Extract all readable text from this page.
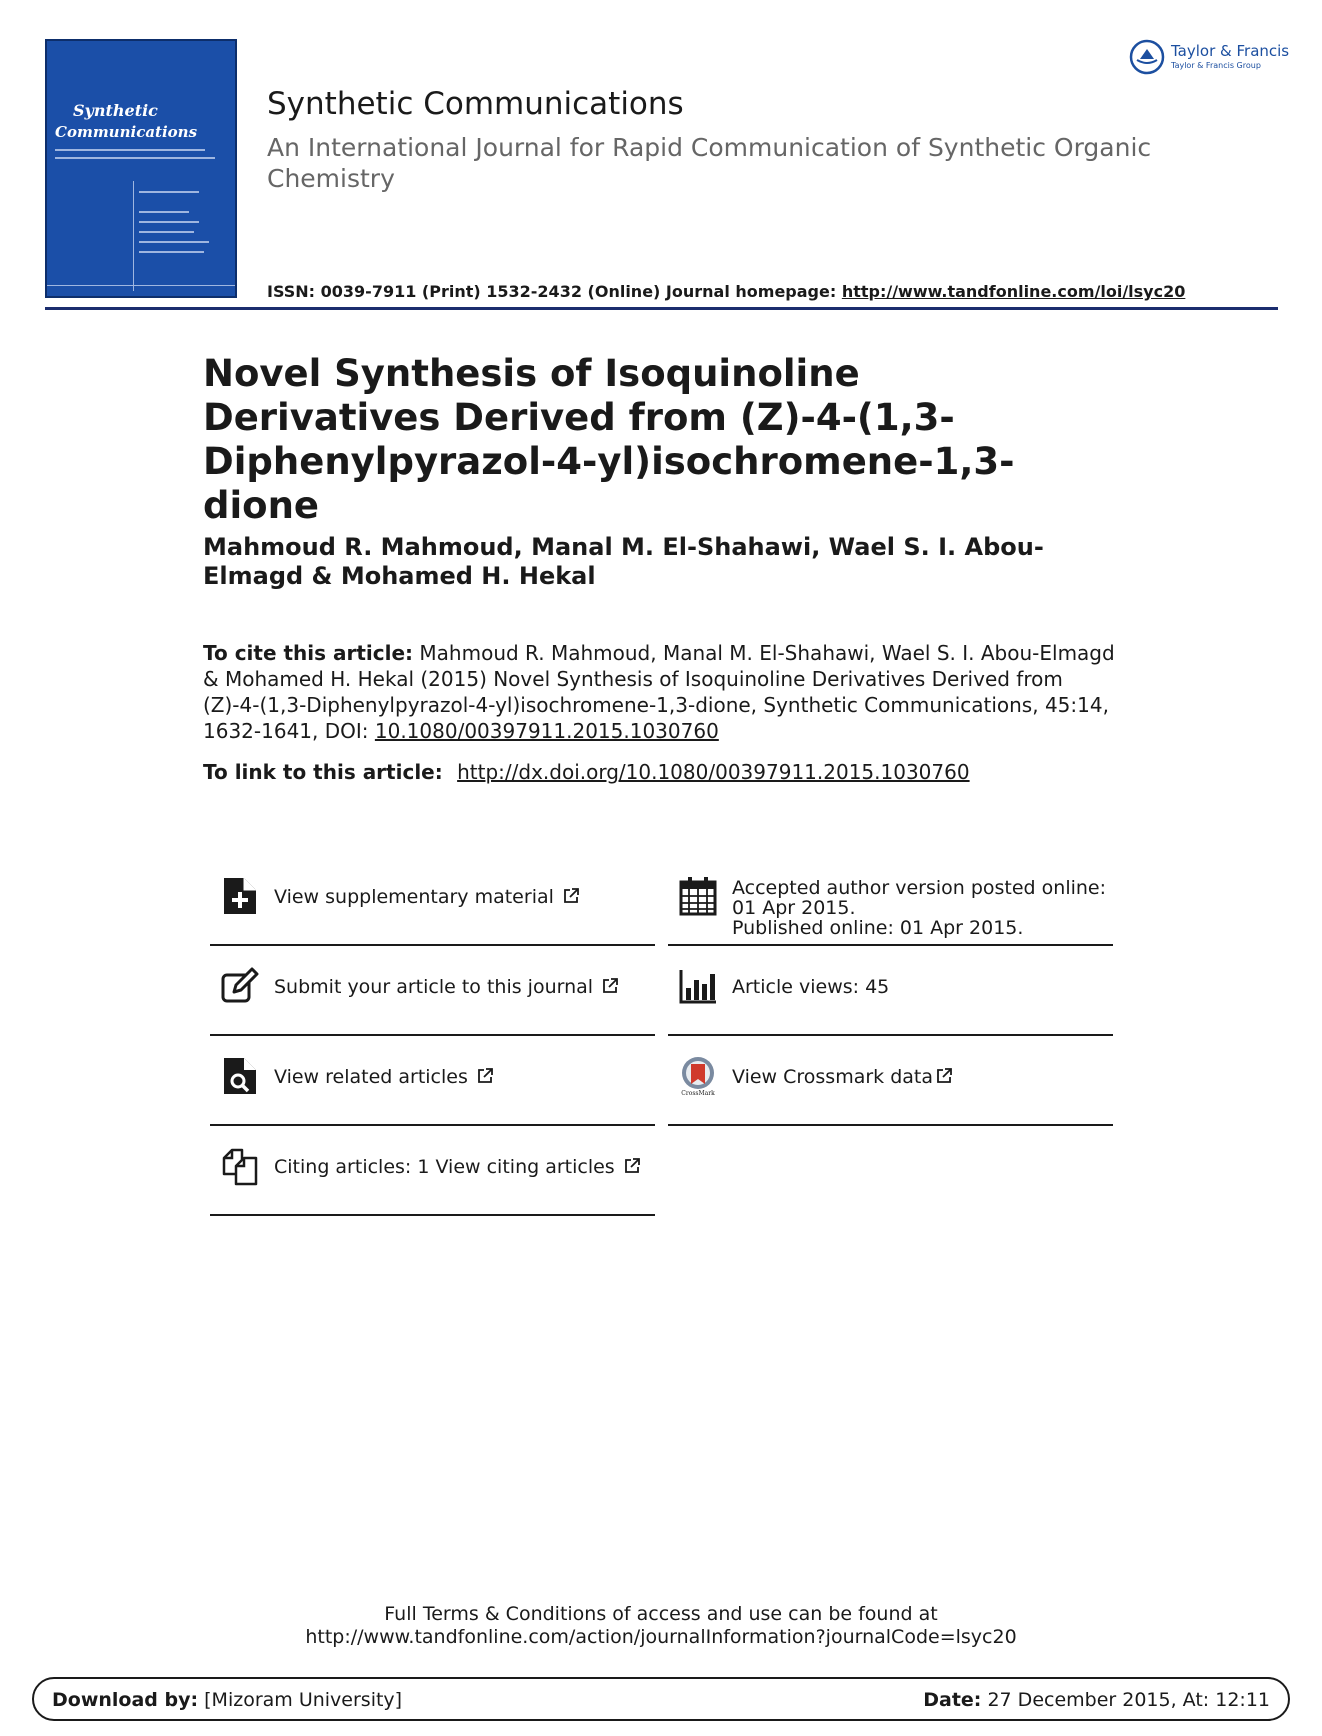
Synthetic
Communications
Taylor & Francis
Taylor & Francis Group
Synthetic Communications
An International Journal for Rapid Communication of Synthetic Organic Chemistry
ISSN: 0039-7911 (Print) 1532-2432 (Online) Journal homepage: http://www.tandfonline.com/loi/lsyc20
Novel Synthesis of Isoquinoline Derivatives Derived from (Z)-4-(1,3-Diphenylpyrazol-4-yl)isochromene-1,3-dione
Mahmoud R. Mahmoud, Manal M. El-Shahawi, Wael S. I. Abou-Elmagd & Mohamed H. Hekal
To cite this article: Mahmoud R. Mahmoud, Manal M. El-Shahawi, Wael S. I. Abou-Elmagd & Mohamed H. Hekal (2015) Novel Synthesis of Isoquinoline Derivatives Derived from (Z)-4-(1,3-Diphenylpyrazol-4-yl)isochromene-1,3-dione, Synthetic Communications, 45:14, 1632-1641, DOI: 10.1080/00397911.2015.1030760
To link to this article: http://dx.doi.org/10.1080/00397911.2015.1030760
View supplementary material
Submit your article to this journal
View related articles
Citing articles: 1 View citing articles
Accepted author version posted online: 01 Apr 2015.
Published online: 01 Apr 2015.
Article views: 45
CrossMark
View Crossmark data
Full Terms & Conditions of access and use can be found at
http://www.tandfonline.com/action/journalInformation?journalCode=lsyc20
Download by: [Mizoram University]	Date: 27 December 2015, At: 12:11
